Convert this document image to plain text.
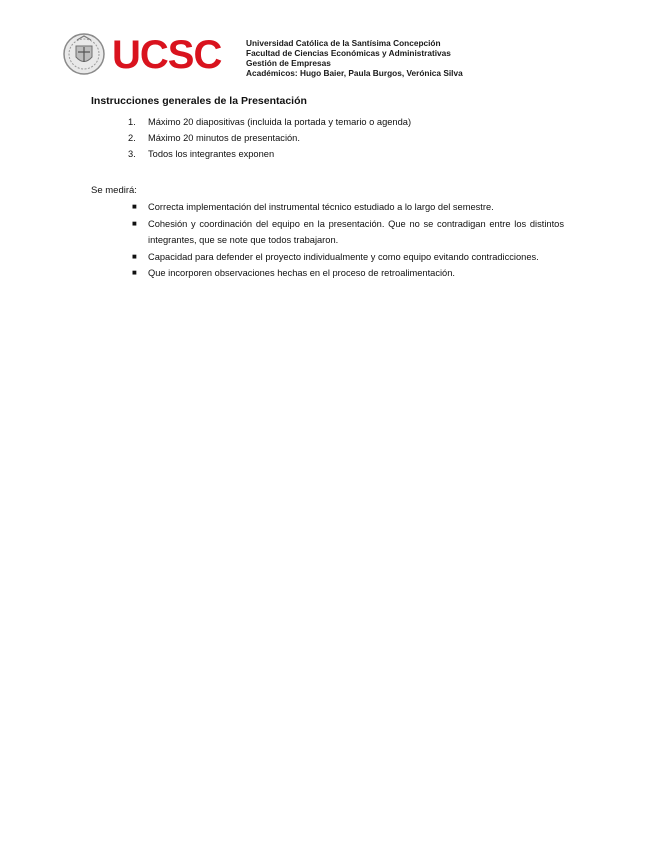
UCSC	Universidad Católica de la Santísima Concepción
Facultad de Ciencias Económicas y Administrativas
Gestión de Empresas
Académicos: Hugo Baier, Paula Burgos, Verónica Silva
Instrucciones generales de la Presentación
1.	Máximo 20 diapositivas (incluida la portada y temario o agenda)
2.	Máximo 20 minutos de presentación.
3.	Todos los integrantes exponen

Se medirá:

■	Correcta implementación del instrumental técnico estudiado a lo largo del semestre.
■	Cohesión y coordinación del equipo en la presentación. Que no se contradigan entre los distintos integrantes, que se note que todos trabajaron.
■	Capacidad para defender el proyecto individualmente y como equipo evitando contradicciones.
■	Que incorporen observaciones hechas en el proceso de retroalimentación.
